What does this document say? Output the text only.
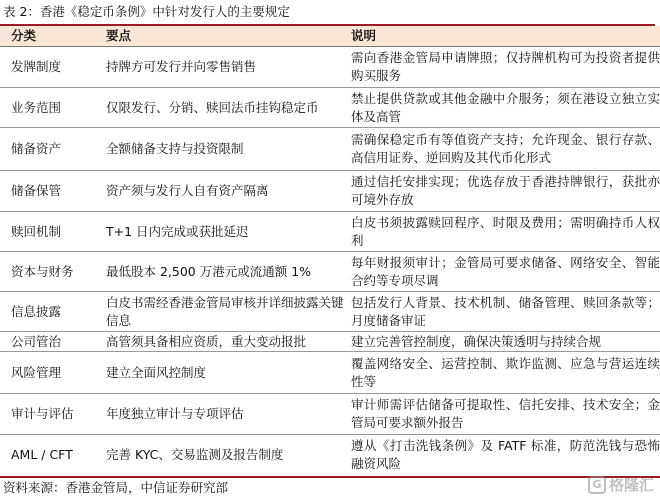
表 2：香港《稳定币条例》中针对发行人的主要规定
分类	要点	说明
发牌制度	持牌方可发行并向零售销售	需向香港金管局申请牌照；仅持牌机构可为投资者提供购买服务
业务范围	仅限发行、分销、赎回法币挂钩稳定币	禁止提供贷款或其他金融中介服务；须在港设立独立实体及高管
储备资产	全额储备支持与投资限制	需确保稳定币有等值资产支持；允许现金、银行存款、高信用证券、逆回购及其代币化形式
储备保管	资产须与发行人自有资产隔离	通过信托安排实现；优选存放于香港持牌银行，获批亦可境外存放
赎回机制	T+1 日内完成或获批延迟	白皮书须披露赎回程序、时限及费用；需明确持币人权利
资本与财务	最低股本 2,500 万港元或流通额 1%	每年财报须审计；金管局可要求储备、网络安全、智能合约等专项尽调
信息披露	白皮书需经香港金管局审核并详细披露关键信息	包括发行人背景、技术机制、储备管理、赎回条款等；月度储备审证
公司管治	高管须具备相应资质，重大变动报批	建立完善管控制度，确保决策透明与持续合规
风险管理	建立全面风控制度	覆盖网络安全、运营控制、欺诈监测、应急与营运连续性等
审计与评估	年度独立审计与专项评估	审计师需评估储备可提取性、信托安排、技术安全；金管局可要求额外报告
AML / CFT	完善 KYC、交易监测及报告制度	遵从《打击洗钱条例》及 FATF 标准，防范洗钱与恐怖融资风险
资料来源：香港金管局，中信证券研究部	G 格隆汇
